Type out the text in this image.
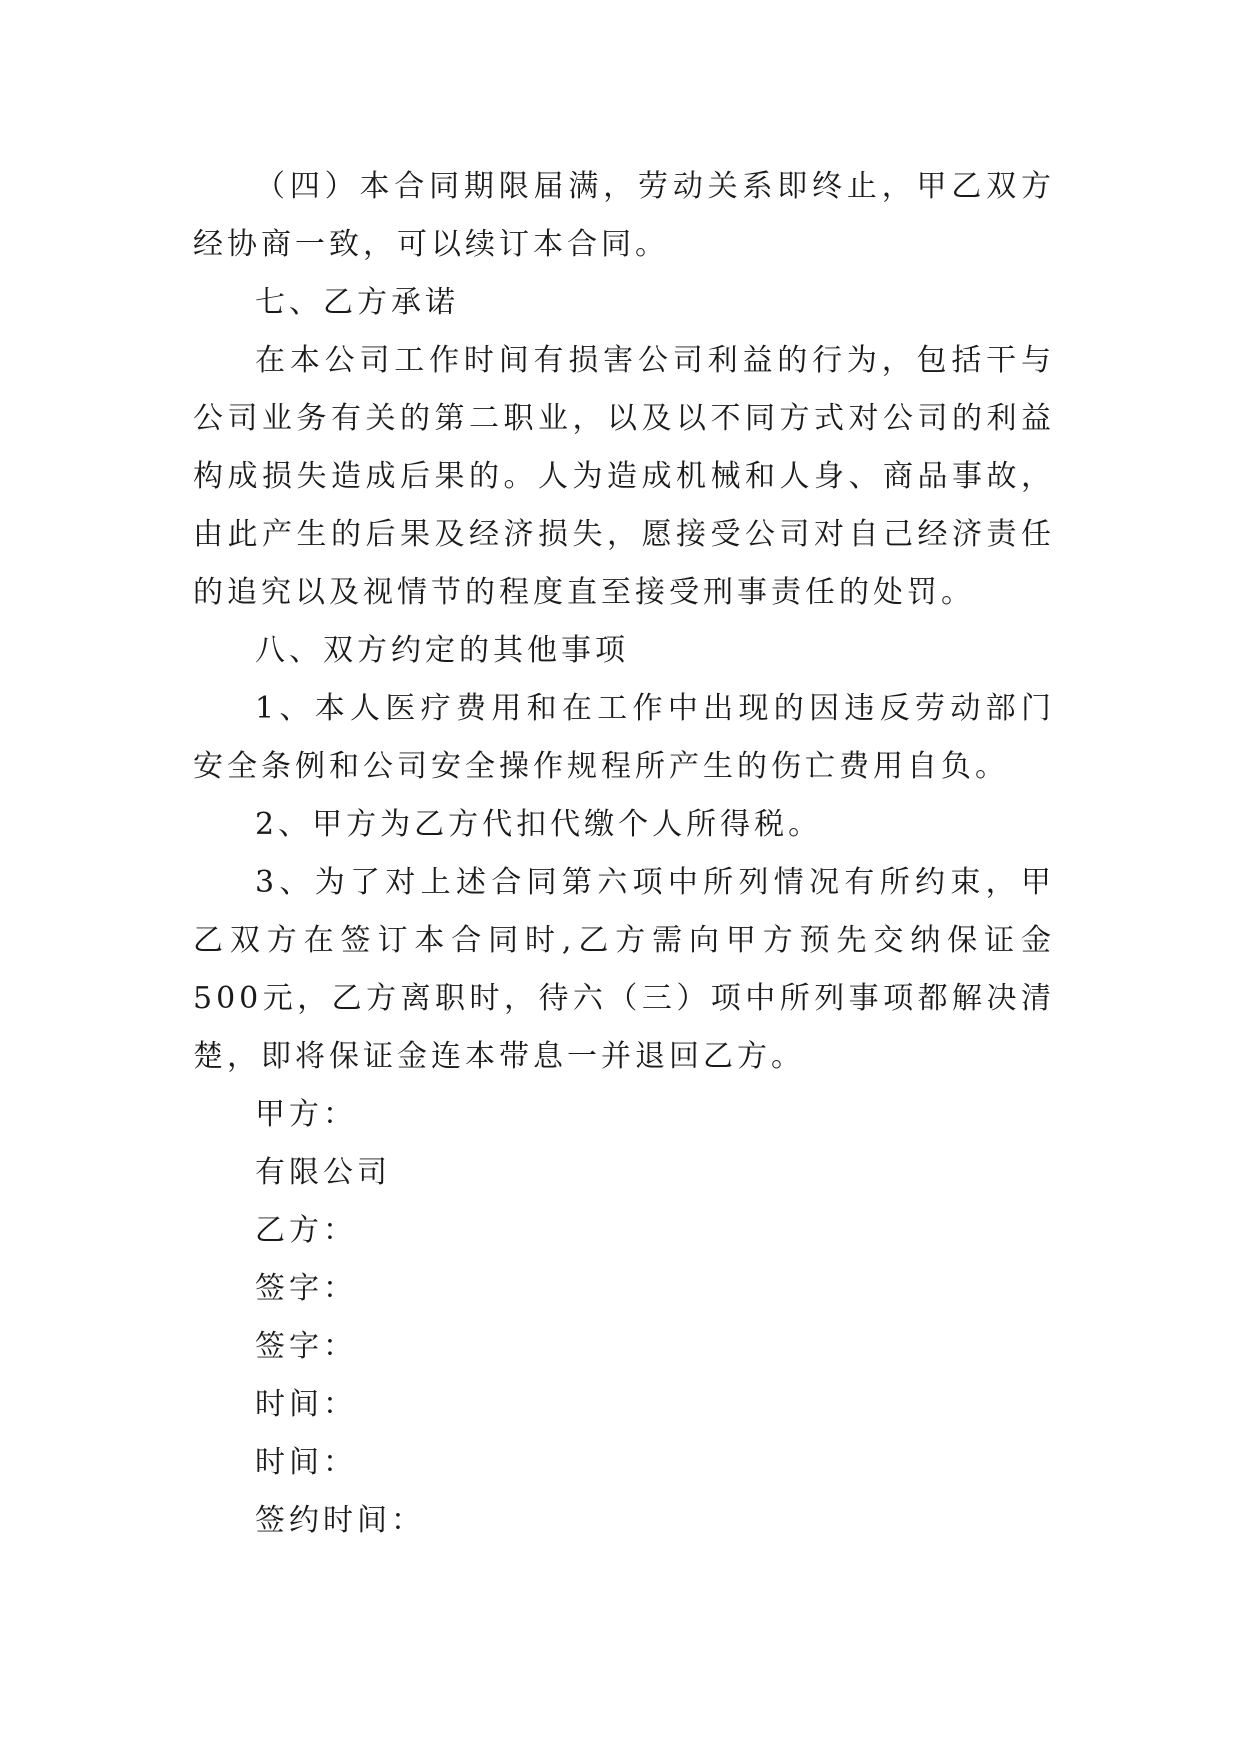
（四）本合同期限届满，劳动关系即终止，甲乙双方经协商一致，可以续订本合同。

七、乙方承诺

在本公司工作时间有损害公司利益的行为，包括干与公司业务有关的第二职业，以及以不同方式对公司的利益构成损失造成后果的。人为造成机械和人身、商品事故，由此产生的后果及经济损失，愿接受公司对自己经济责任的追究以及视情节的程度直至接受刑事责任的处罚。

八、双方约定的其他事项

1、本人医疗费用和在工作中出现的因违反劳动部门安全条例和公司安全操作规程所产生的伤亡费用自负。

2、甲方为乙方代扣代缴个人所得税。

3、为了对上述合同第六项中所列情况有所约束，甲乙双方在签订本合同时,乙方需向甲方预先交纳保证金500元，乙方离职时，待六（三）项中所列事项都解决清楚，即将保证金连本带息一并退回乙方。

甲方：

有限公司

乙方：

签字：

签字：

时间：

时间：

签约时间：
